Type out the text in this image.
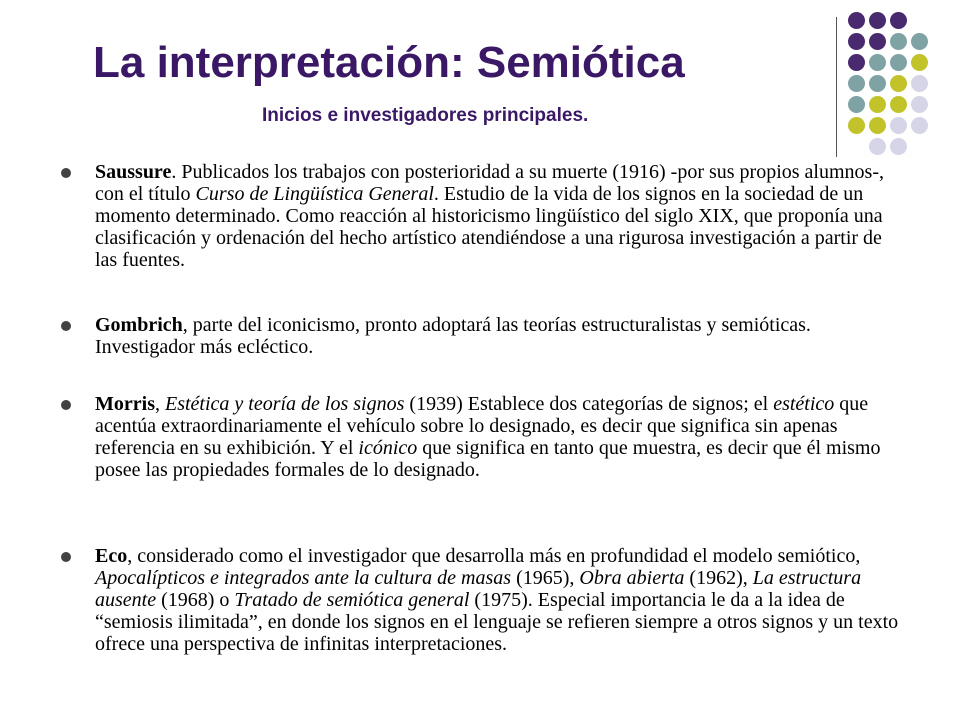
La interpretación: Semiótica
Inicios e investigadores principales.
Saussure. Publicados los trabajos con posterioridad a su muerte (1916) -por sus propios alumnos-, con el título Curso de Lingüística General. Estudio de la vida de los signos en la sociedad de un momento determinado. Como reacción al historicismo lingüístico del siglo XIX, que proponía una clasificación y ordenación del hecho artístico atendiéndose a una rigurosa investigación a partir de las fuentes.
Gombrich, parte del iconicismo, pronto adoptará las teorías estructuralistas y semióticas. Investigador más ecléctico.
Morris, Estética y teoría de los signos (1939) Establece dos categorías de signos; el estético que acentúa extraordinariamente el vehículo sobre lo designado, es decir que significa sin apenas referencia en su exhibición. Y el icónico que significa en tanto que muestra, es decir que él mismo posee las propiedades formales de lo designado.
Eco, considerado como el investigador que desarrolla más en profundidad el modelo semiótico, Apocalípticos e integrados ante la cultura de masas (1965), Obra abierta (1962), La estructura ausente (1968) o Tratado de semiótica general (1975). Especial importancia le da a la idea de “semiosis ilimitada”, en donde los signos en el lenguaje se refieren siempre a otros signos y un texto ofrece una perspectiva de infinitas interpretaciones.
